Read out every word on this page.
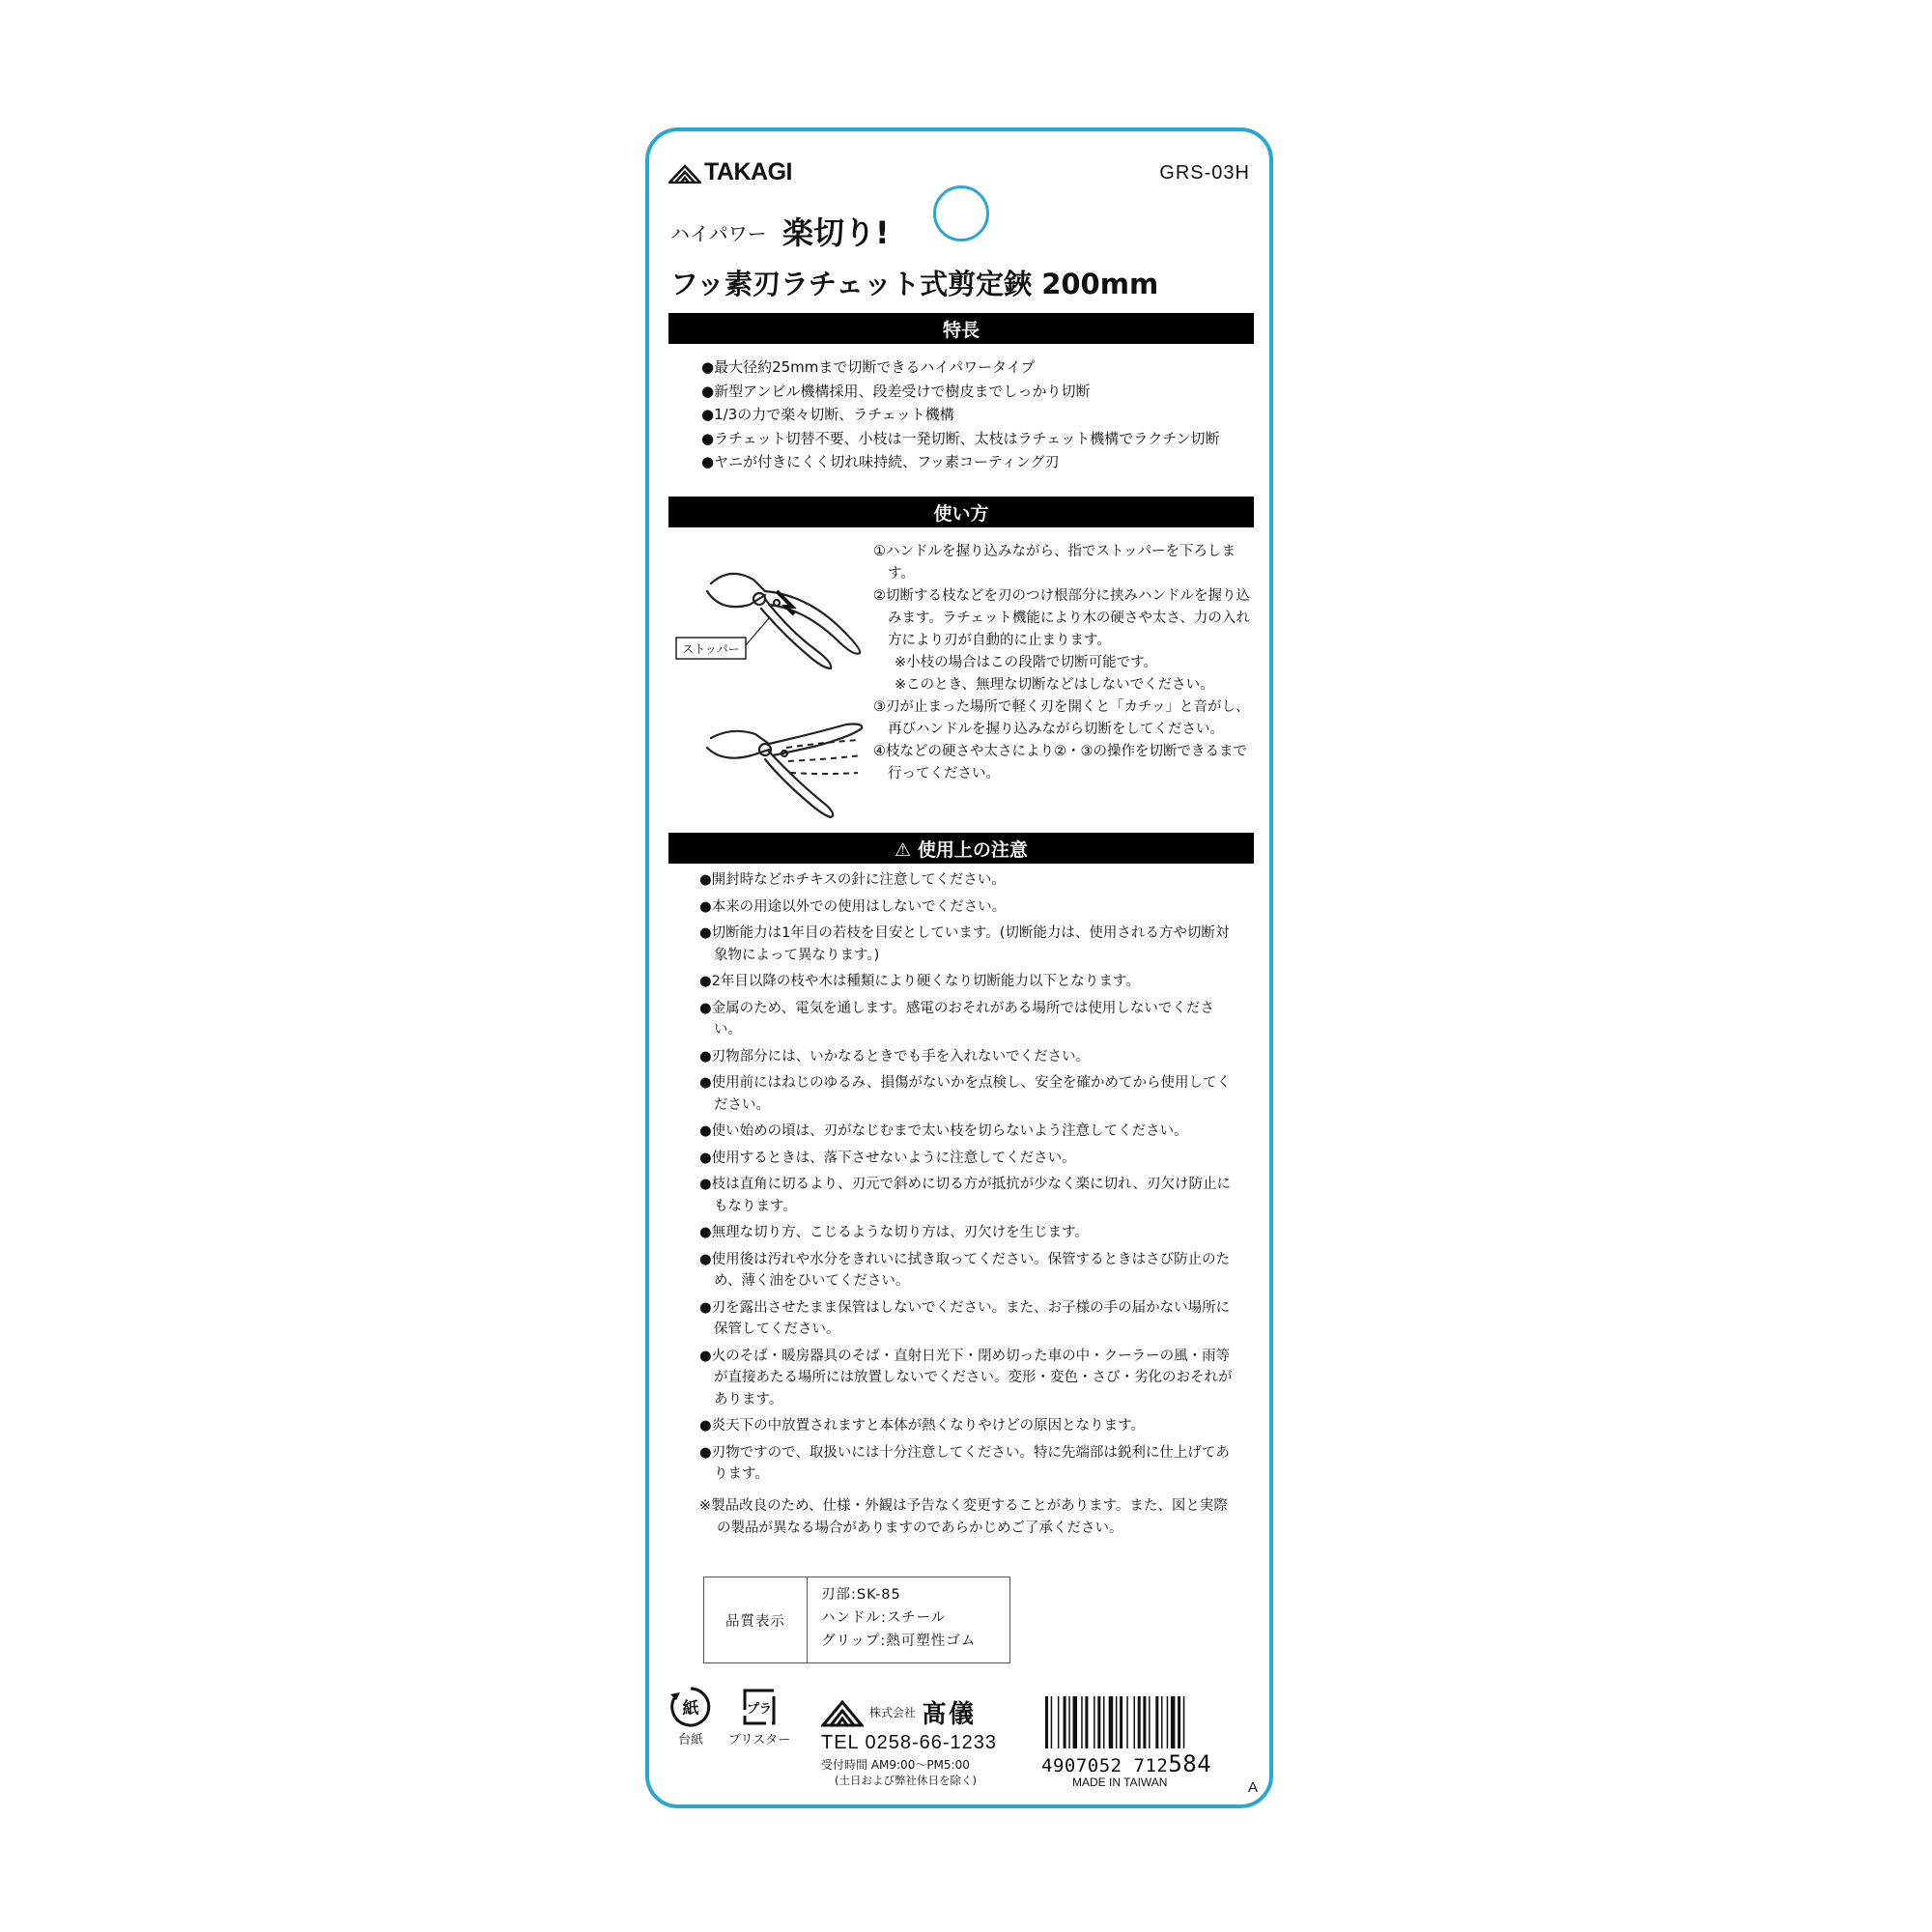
TAKAGI	GRS-03H
ハイパワー 楽切り!
フッ素刃ラチェット式剪定鋏 200mm
特長
● 最大径約25mmまで切断できるハイパワータイプ
● 新型アンビル機構採用、段差受けで樹皮までしっかり切断
● 1/3の力で楽々切断、ラチェット機構
● ラチェット切替不要、小枝は一発切断、太枝はラチェット機構でラクチン切断
● ヤニが付きにくく切れ味持続、フッ素コーティング刃
使い方
ストッパー
①ハンドルを握り込みながら、指でストッパーを下ろします。
②切断する枝などを刃のつけ根部分に挟みハンドルを握り込みます。ラチェット機能により木の硬さや太さ、力の入れ方により刃が自動的に止まります。
※小枝の場合はこの段階で切断可能です。
※このとき、無理な切断などはしないでください。
③刃が止まった場所で軽く刃を開くと「カチッ」と音がし、再びハンドルを握り込みながら切断をしてください。
④枝などの硬さや太さにより②・③の操作を切断できるまで行ってください。
⚠ 使用上の注意
● 開封時などホチキスの針に注意してください。
● 本来の用途以外での使用はしないでください。
● 切断能力は1年目の若枝を目安としています。(切断能力は、使用される方や切断対象物によって異なります。)
● 2年目以降の枝や木は種類により硬くなり切断能力以下となります。
● 金属のため、電気を通します。感電のおそれがある場所では使用しないでください。
● 刃物部分には、いかなるときでも手を入れないでください。
● 使用前にはねじのゆるみ、損傷がないかを点検し、安全を確かめてから使用してください。
● 使い始めの頃は、刃がなじむまで太い枝を切らないよう注意してください。
● 使用するときは、落下させないように注意してください。
● 枝は直角に切るより、刃元で斜めに切る方が抵抗が少なく楽に切れ、刃欠け防止にもなります。
● 無理な切り方、こじるような切り方は、刃欠けを生じます。
● 使用後は汚れや水分をきれいに拭き取ってください。保管するときはさび防止のため、薄く油をひいてください。
● 刃を露出させたまま保管はしないでください。また、お子様の手の届かない場所に保管してください。
● 火のそば・暖房器具のそば・直射日光下・閉め切った車の中・クーラーの風・雨等が直接あたる場所には放置しないでください。変形・変色・さび・劣化のおそれがあります。
● 炎天下の中放置されますと本体が熱くなりやけどの原因となります。
● 刃物ですので、取扱いには十分注意してください。特に先端部は鋭利に仕上げてあります。
※製品改良のため、仕様・外観は予告なく変更することがあります。また、図と実際の製品が異なる場合がありますのであらかじめご了承ください。
品質表示
刃部:SK-85
ハンドル:スチール
グリップ:熱可塑性ゴム
紙
台紙
プラ
ブリスター
株式会社 髙儀
TEL 0258-66-1233
受付時間 AM9:00〜PM5:00
(土日および弊社休日を除く)
4907052 712584
MADE IN TAIWAN	A
